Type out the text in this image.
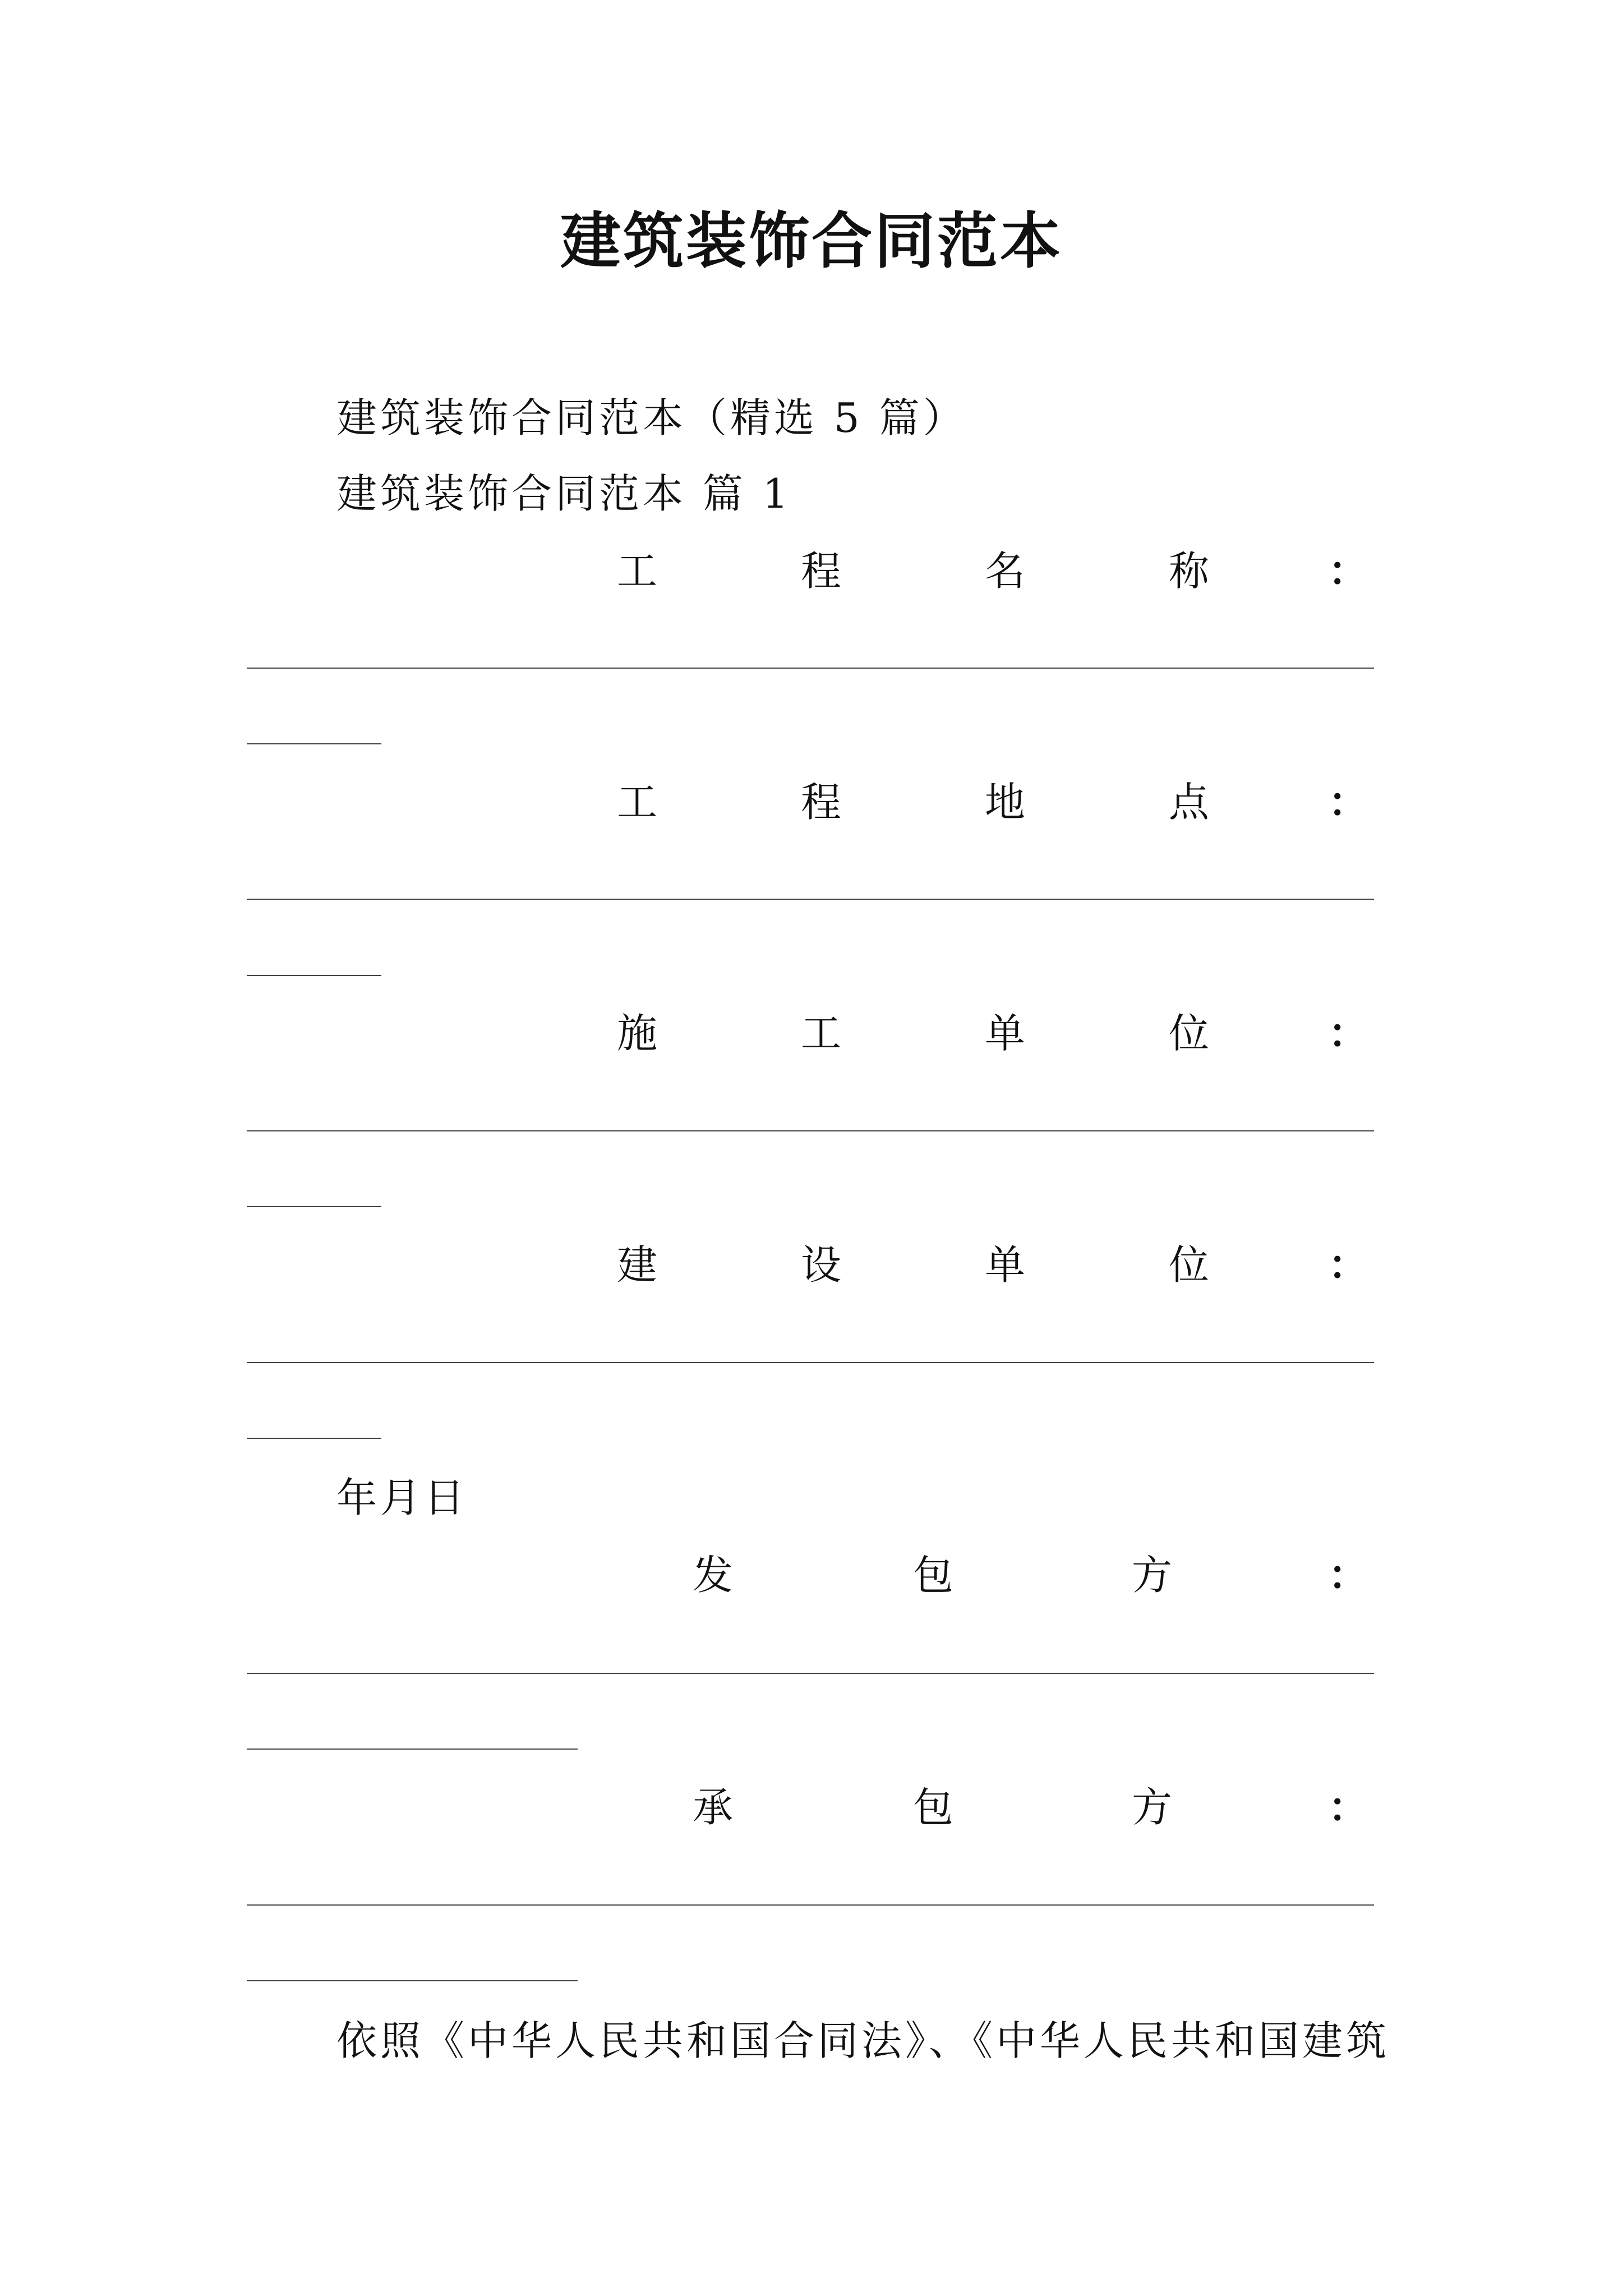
建筑装饰合同范本
建筑装饰合同范本（精选 5 篇）
建筑装饰合同范本 篇 1
工	程	名	称	：
工	程	地	点	：
施	工	单	位	：
建	设	单	位	：
年月日
发	包	方	：
承	包	方	：
依照《中华人民共和国合同法》、《中华人民共和国建筑
